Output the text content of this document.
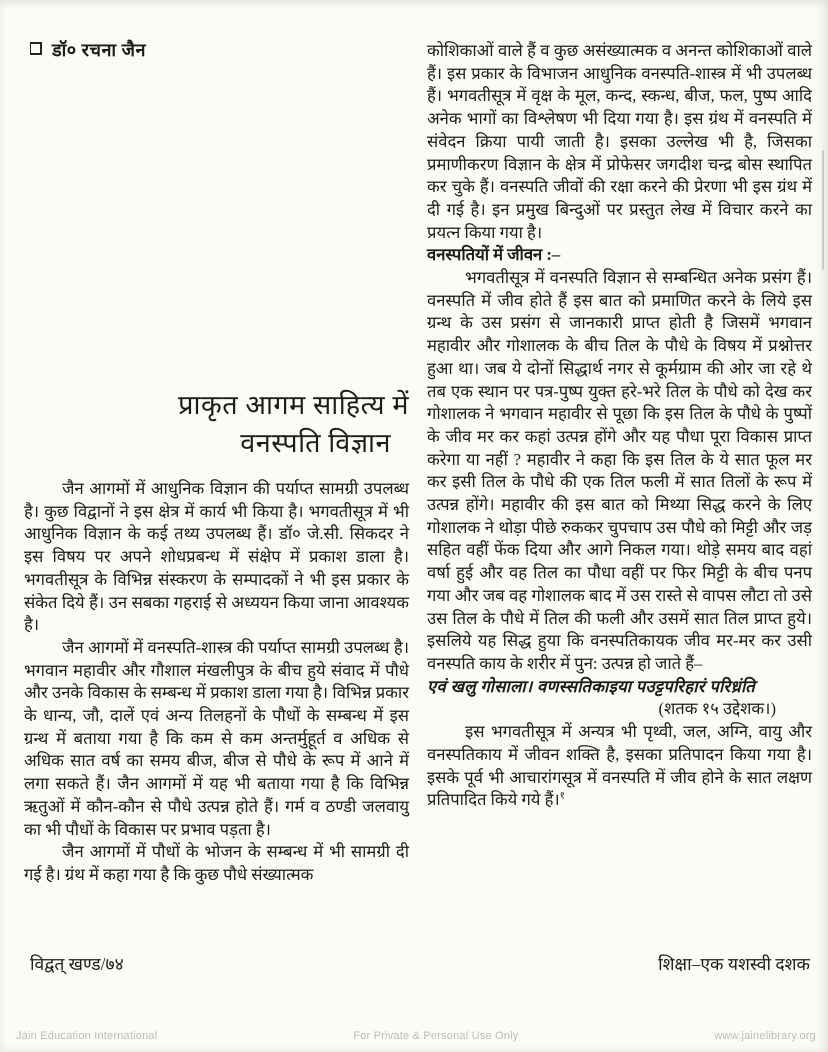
डॉ० रचना जैन
प्राकृत आगम साहित्य में
वनस्पति विज्ञान

जैन आगमों में आधुनिक विज्ञान की पर्याप्त सामग्री उपलब्ध है। कुछ विद्वानों ने इस क्षेत्र में कार्य भी किया है। भगवतीसूत्र में भी आधुनिक विज्ञान के कई तथ्य उपलब्ध हैं। डॉ० जे.सी. सिकदर ने इस विषय पर अपने शोधप्रबन्ध में संक्षेप में प्रकाश डाला है। भगवतीसूत्र के विभिन्न संस्करण के सम्पादकों ने भी इस प्रकार के संकेत दिये हैं। उन सबका गहराई से अध्ययन किया जाना आवश्यक है।

जैन आगमों में वनस्पति-शास्त्र की पर्याप्त सामग्री उपलब्ध है। भगवान महावीर और गौशाल मंखलीपुत्र के बीच हुये संवाद में पौधे और उनके विकास के सम्बन्ध में प्रकाश डाला गया है। विभिन्न प्रकार के धान्य, जौ, दालें एवं अन्य तिलहनों के पौधों के सम्बन्ध में इस ग्रन्थ में बताया गया है कि कम से कम अन्तर्मुहूर्त व अधिक से अधिक सात वर्ष का समय बीज, बीज से पौधे के रूप में आने में लगा सकते हैं। जैन आगमों में यह भी बताया गया है कि विभिन्न ऋतुओं में कौन-कौन से पौधे उत्पन्न होते हैं। गर्म व ठण्डी जलवायु का भी पौधों के विकास पर प्रभाव पड़ता है।

जैन आगमों में पौधों के भोजन के सम्बन्ध में भी सामग्री दी गई है। ग्रंथ में कहा गया है कि कुछ पौधे संख्यात्मक

कोशिकाओं वाले हैं व कुछ असंख्यात्मक व अनन्त कोशिकाओं वाले हैं। इस प्रकार के विभाजन आधुनिक वनस्पति-शास्त्र में भी उपलब्ध हैं। भगवतीसूत्र में वृक्ष के मूल, कन्द, स्कन्ध, बीज, फल, पुष्प आदि अनेक भागों का विश्लेषण भी दिया गया है। इस ग्रंथ में वनस्पति में संवेदन क्रिया पायी जाती है। इसका उल्लेख भी है, जिसका प्रमाणीकरण विज्ञान के क्षेत्र में प्रोफेसर जगदीश चन्द्र बोस स्थापित कर चुके हैं। वनस्पति जीवों की रक्षा करने की प्रेरणा भी इस ग्रंथ में दी गई है। इन प्रमुख बिन्दुओं पर प्रस्तुत लेख में विचार करने का प्रयत्न किया गया है।

वनस्पतियों में जीवन :–

भगवतीसूत्र में वनस्पति विज्ञान से सम्बन्धित अनेक प्रसंग हैं। वनस्पति में जीव होते हैं इस बात को प्रमाणित करने के लिये इस ग्रन्थ के उस प्रसंग से जानकारी प्राप्त होती है जिसमें भगवान महावीर और गोशालक के बीच तिल के पौधे के विषय में प्रश्नोत्तर हुआ था। जब ये दोनों सिद्धार्थ नगर से कूर्मग्राम की ओर जा रहे थे तब एक स्थान पर पत्र-पुष्प युक्त हरे-भरे तिल के पौधे को देख कर गोशालक ने भगवान महावीर से पूछा कि इस तिल के पौधे के पुष्पों के जीव मर कर कहां उत्पन्न होंगे और यह पौधा पूरा विकास प्राप्त करेगा या नहीं ? महावीर ने कहा कि इस तिल के ये सात फूल मर कर इसी तिल के पौधे की एक तिल फली में सात तिलों के रूप में उत्पन्न होंगे। महावीर की इस बात को मिथ्या सिद्ध करने के लिए गोशालक ने थोड़ा पीछे रुककर चुपचाप उस पौधे को मिट्टी और जड़ सहित वहीं फेंक दिया और आगे निकल गया। थोड़े समय बाद वहां वर्षा हुई और वह तिल का पौधा वहीं पर फिर मिट्टी के बीच पनप गया और जब वह गोशालक बाद में उस रास्ते से वापस लौटा तो उसे उस तिल के पौधे में तिल की फली और उसमें सात तिल प्राप्त हुये। इसलिये यह सिद्ध हुया कि वनस्पतिकायक जीव मर-मर कर उसी वनस्पति काय के शरीर में पुन: उत्पन्न हो जाते हैं–

एवं खलु गोसाला। वणस्सतिकाइया पउट्टपरिहारं परिध्रंति

(शतक १५ उद्देशक।)

इस भगवतीसूत्र में अन्यत्र भी पृथ्वी, जल, अग्नि, वायु और वनस्पतिकाय में जीवन शक्ति है, इसका प्रतिपादन किया गया है। इसके पूर्व भी आचारांगसूत्र में वनस्पति में जीव होने के सात लक्षण प्रतिपादित किये गये हैं।$^१$

विद्वत् खण्ड/७४	शिक्षा–एक यशस्वी दशक
Jain Education International	For Private & Personal Use Only	www.jainelibrary.org
